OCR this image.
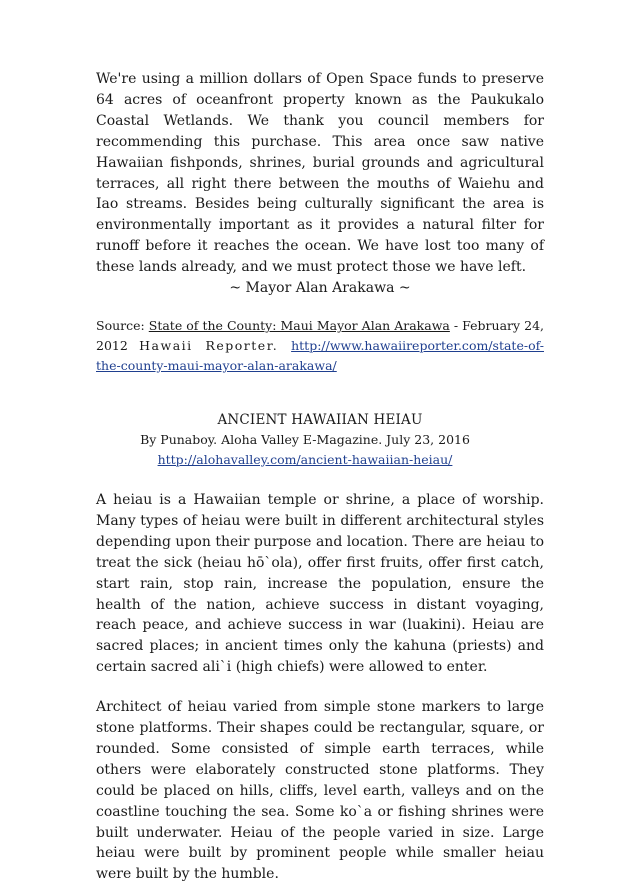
We're using a million dollars of Open Space funds to preserve 64 acres of oceanfront property known as the Paukukalo Coastal Wetlands. We thank you council members for recommending this purchase. This area once saw native Hawaiian fishponds, shrines, burial grounds and agricultural terraces, all right there between the mouths of Waiehu and Iao streams. Besides being culturally significant the area is environmentally important as it provides a natural filter for runoff before it reaches the ocean. We have lost too many of these lands already, and we must protect those we have left.

~ Mayor Alan Arakawa ~

Source: State of the County: Maui Mayor Alan Arakawa - February 24, 2012 Hawaii Reporter. http://www.hawaiireporter.com/state-of-the-county-maui-mayor-alan-arakawa/
ANCIENT HAWAIIAN HEIAU
By Punaboy. Aloha Valley E-Magazine. July 23, 2016
http://alohavalley.com/ancient-hawaiian-heiau/

A heiau is a Hawaiian temple or shrine, a place of worship. Many types of heiau were built in different architectural styles depending upon their purpose and location. There are heiau to treat the sick (heiau hō`ola), offer first fruits, offer first catch, start rain, stop rain, increase the population, ensure the health of the nation, achieve success in distant voyaging, reach peace, and achieve success in war (luakini). Heiau are sacred places; in ancient times only the kahuna (priests) and certain sacred ali`i (high chiefs) were allowed to enter.

Architect of heiau varied from simple stone markers to large stone platforms. Their shapes could be rectangular, square, or rounded. Some consisted of simple earth terraces, while others were elaborately constructed stone platforms. They could be placed on hills, cliffs, level earth, valleys and on the coastline touching the sea. Some ko`a or fishing shrines were built underwater. Heiau of the people varied in size. Large heiau were built by prominent people while smaller heiau were built by the humble.
